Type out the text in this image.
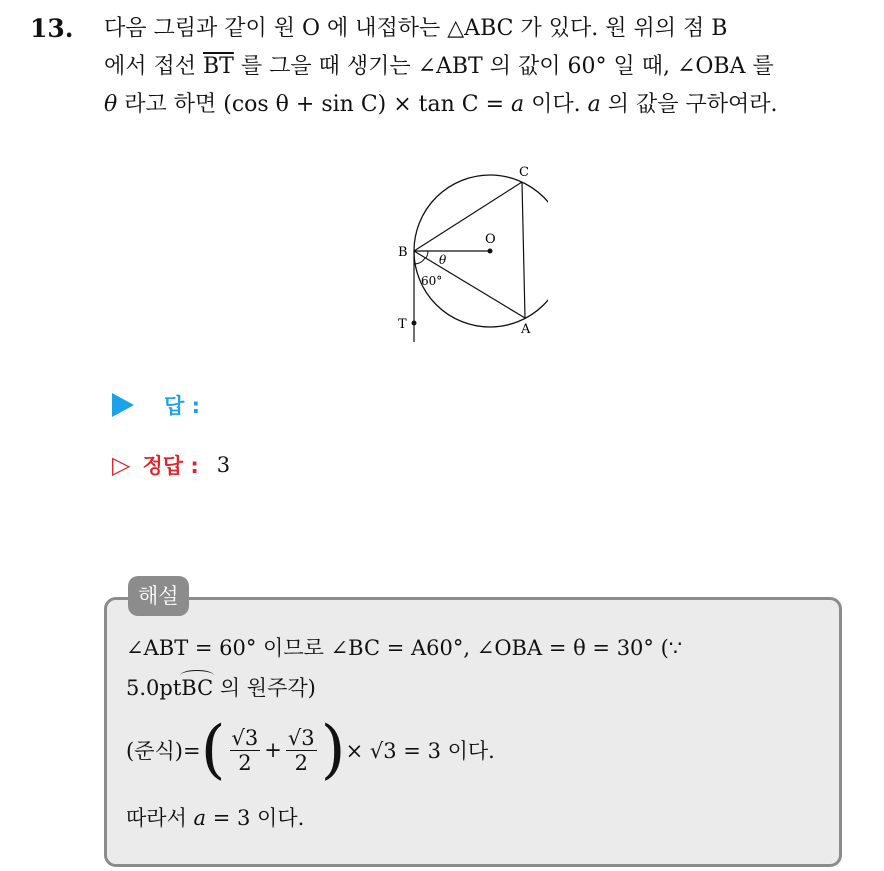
13. 다음 그림과 같이 원 O 에 내접하는 △ABC 가 있다. 원 위의 점 B

에서 접선 $\overline{BT}$ 를 그을 때 생기는 ∠ABT 의 값이 60° 일 때, ∠OBA 를

θ 라고 하면 (cos θ + sin C) × tan C = a 이다. a 의 값을 구하여라.

C
O
B	θ
60°
T	A
답 :
▷ 정답 : 3
해설
∠ABT = 60° 이므로 ∠BC = A60°, ∠OBA = θ = 30° (∵
5.0ptBC 의 원주각)
(준식)= ( $\frac{√3}{2} + \frac{√3}{2}$ ) × √3 = 3 이다.
따라서 a = 3 이다.
